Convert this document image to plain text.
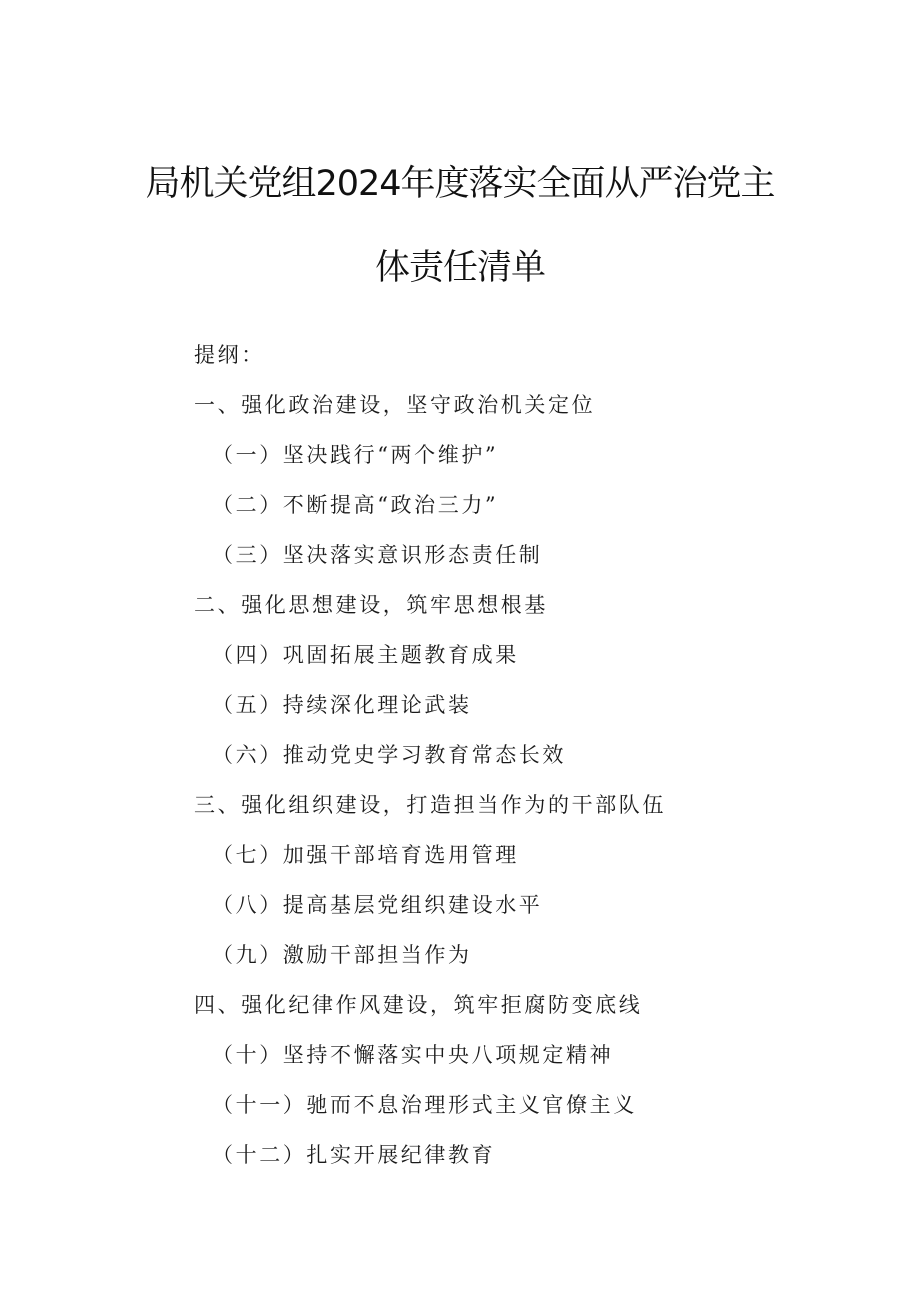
局机关党组2024年度落实全面从严治党主
体责任清单
提纲：
一、强化政治建设，坚守政治机关定位
（一）坚决践行“两个维护”
（二）不断提高“政治三力”
（三）坚决落实意识形态责任制
二、强化思想建设，筑牢思想根基
（四）巩固拓展主题教育成果
（五）持续深化理论武装
（六）推动党史学习教育常态长效
三、强化组织建设，打造担当作为的干部队伍
（七）加强干部培育选用管理
（八）提高基层党组织建设水平
（九）激励干部担当作为
四、强化纪律作风建设，筑牢拒腐防变底线
（十）坚持不懈落实中央八项规定精神
（十一）驰而不息治理形式主义官僚主义
（十二）扎实开展纪律教育
